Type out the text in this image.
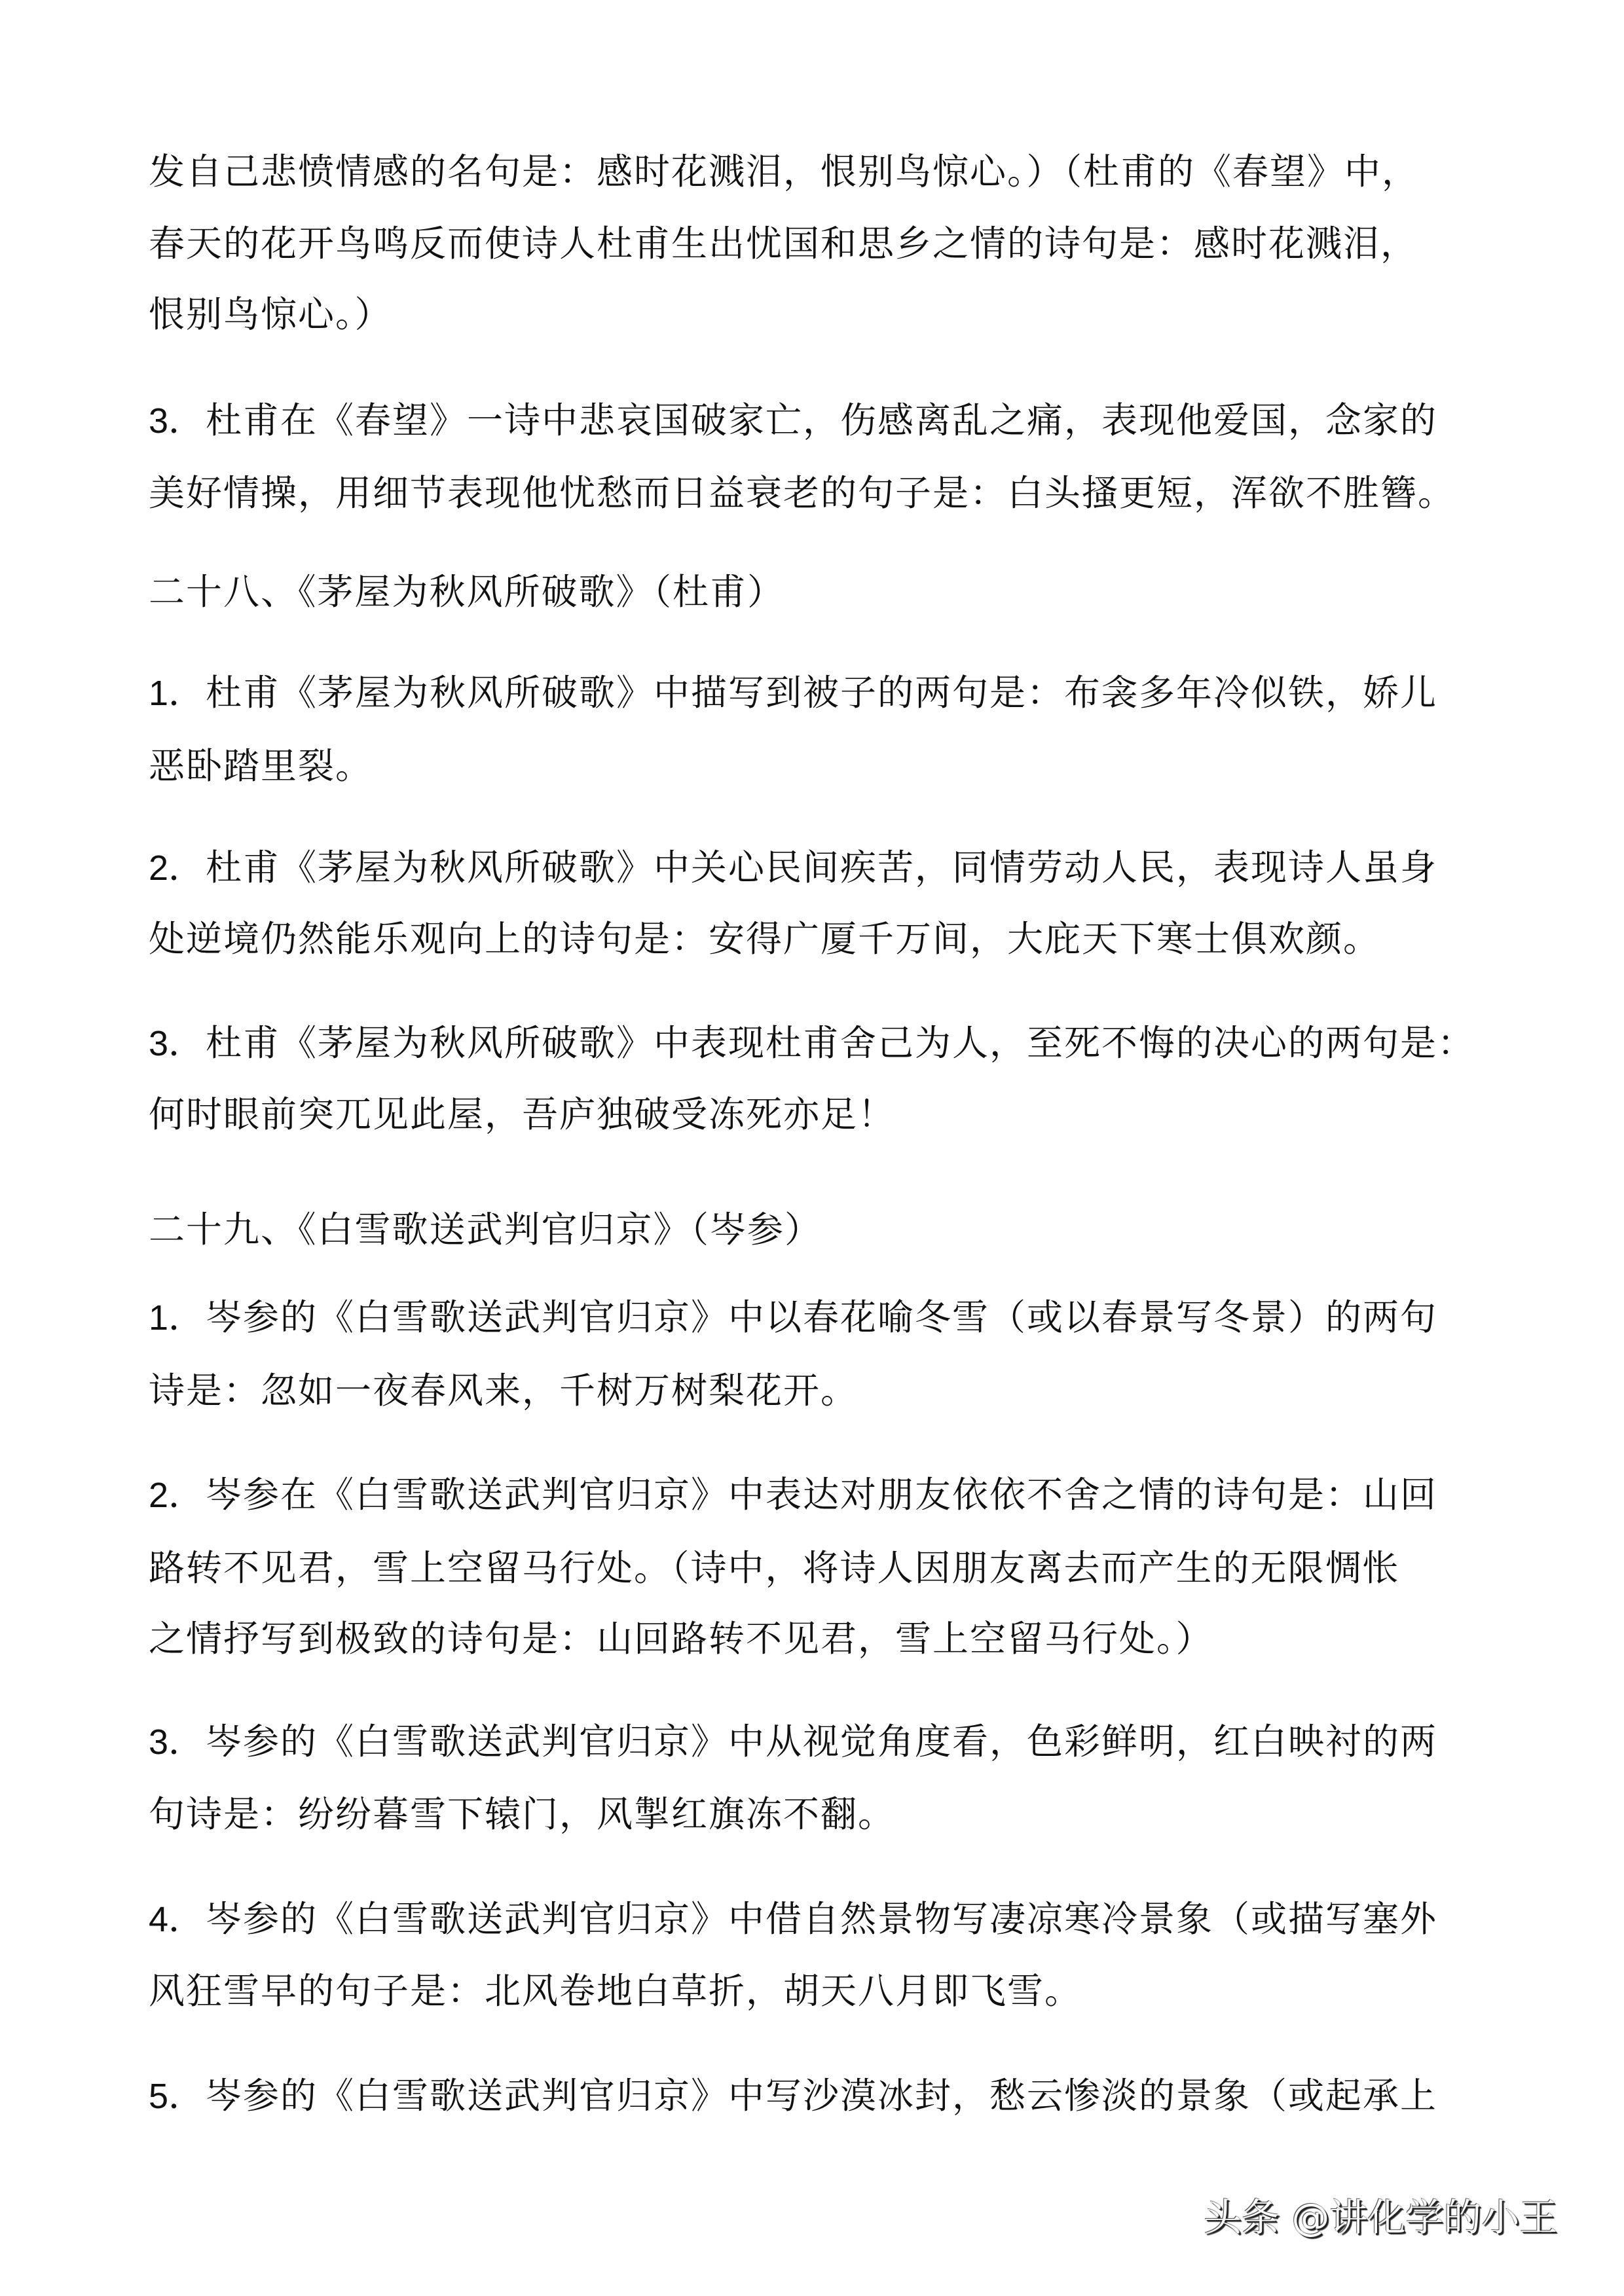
发自己悲愤情感的名句是：感时花溅泪，恨别鸟惊心。）（杜甫的《春望》中，
春天的花开鸟鸣反而使诗人杜甫生出忧国和思乡之情的诗句是：感时花溅泪，
恨别鸟惊心。）
3．杜甫在《春望》一诗中悲哀国破家亡，伤感离乱之痛，表现他爱国，念家的
美好情操，用细节表现他忧愁而日益衰老的句子是：白头搔更短，浑欲不胜簪。
二十八、《茅屋为秋风所破歌》（杜甫）
1．杜甫《茅屋为秋风所破歌》中描写到被子的两句是：布衾多年冷似铁，娇儿
恶卧踏里裂。
2．杜甫《茅屋为秋风所破歌》中关心民间疾苦，同情劳动人民，表现诗人虽身
处逆境仍然能乐观向上的诗句是：安得广厦千万间，大庇天下寒士俱欢颜。
3．杜甫《茅屋为秋风所破歌》中表现杜甫舍己为人，至死不悔的决心的两句是：
何时眼前突兀见此屋，吾庐独破受冻死亦足！
二十九、《白雪歌送武判官归京》（岑参）
1．岑参的《白雪歌送武判官归京》中以春花喻冬雪（或以春景写冬景）的两句
诗是：忽如一夜春风来，千树万树梨花开。
2．岑参在《白雪歌送武判官归京》中表达对朋友依依不舍之情的诗句是：山回
路转不见君，雪上空留马行处。（诗中，将诗人因朋友离去而产生的无限惆怅
之情抒写到极致的诗句是：山回路转不见君，雪上空留马行处。）
3．岑参的《白雪歌送武判官归京》中从视觉角度看，色彩鲜明，红白映衬的两
句诗是：纷纷暮雪下辕门，风掣红旗冻不翻。
4．岑参的《白雪歌送武判官归京》中借自然景物写凄凉寒冷景象（或描写塞外
风狂雪早的句子是：北风卷地白草折，胡天八月即飞雪。
5．岑参的《白雪歌送武判官归京》中写沙漠冰封，愁云惨淡的景象（或起承上
头条 @讲化学的小王
